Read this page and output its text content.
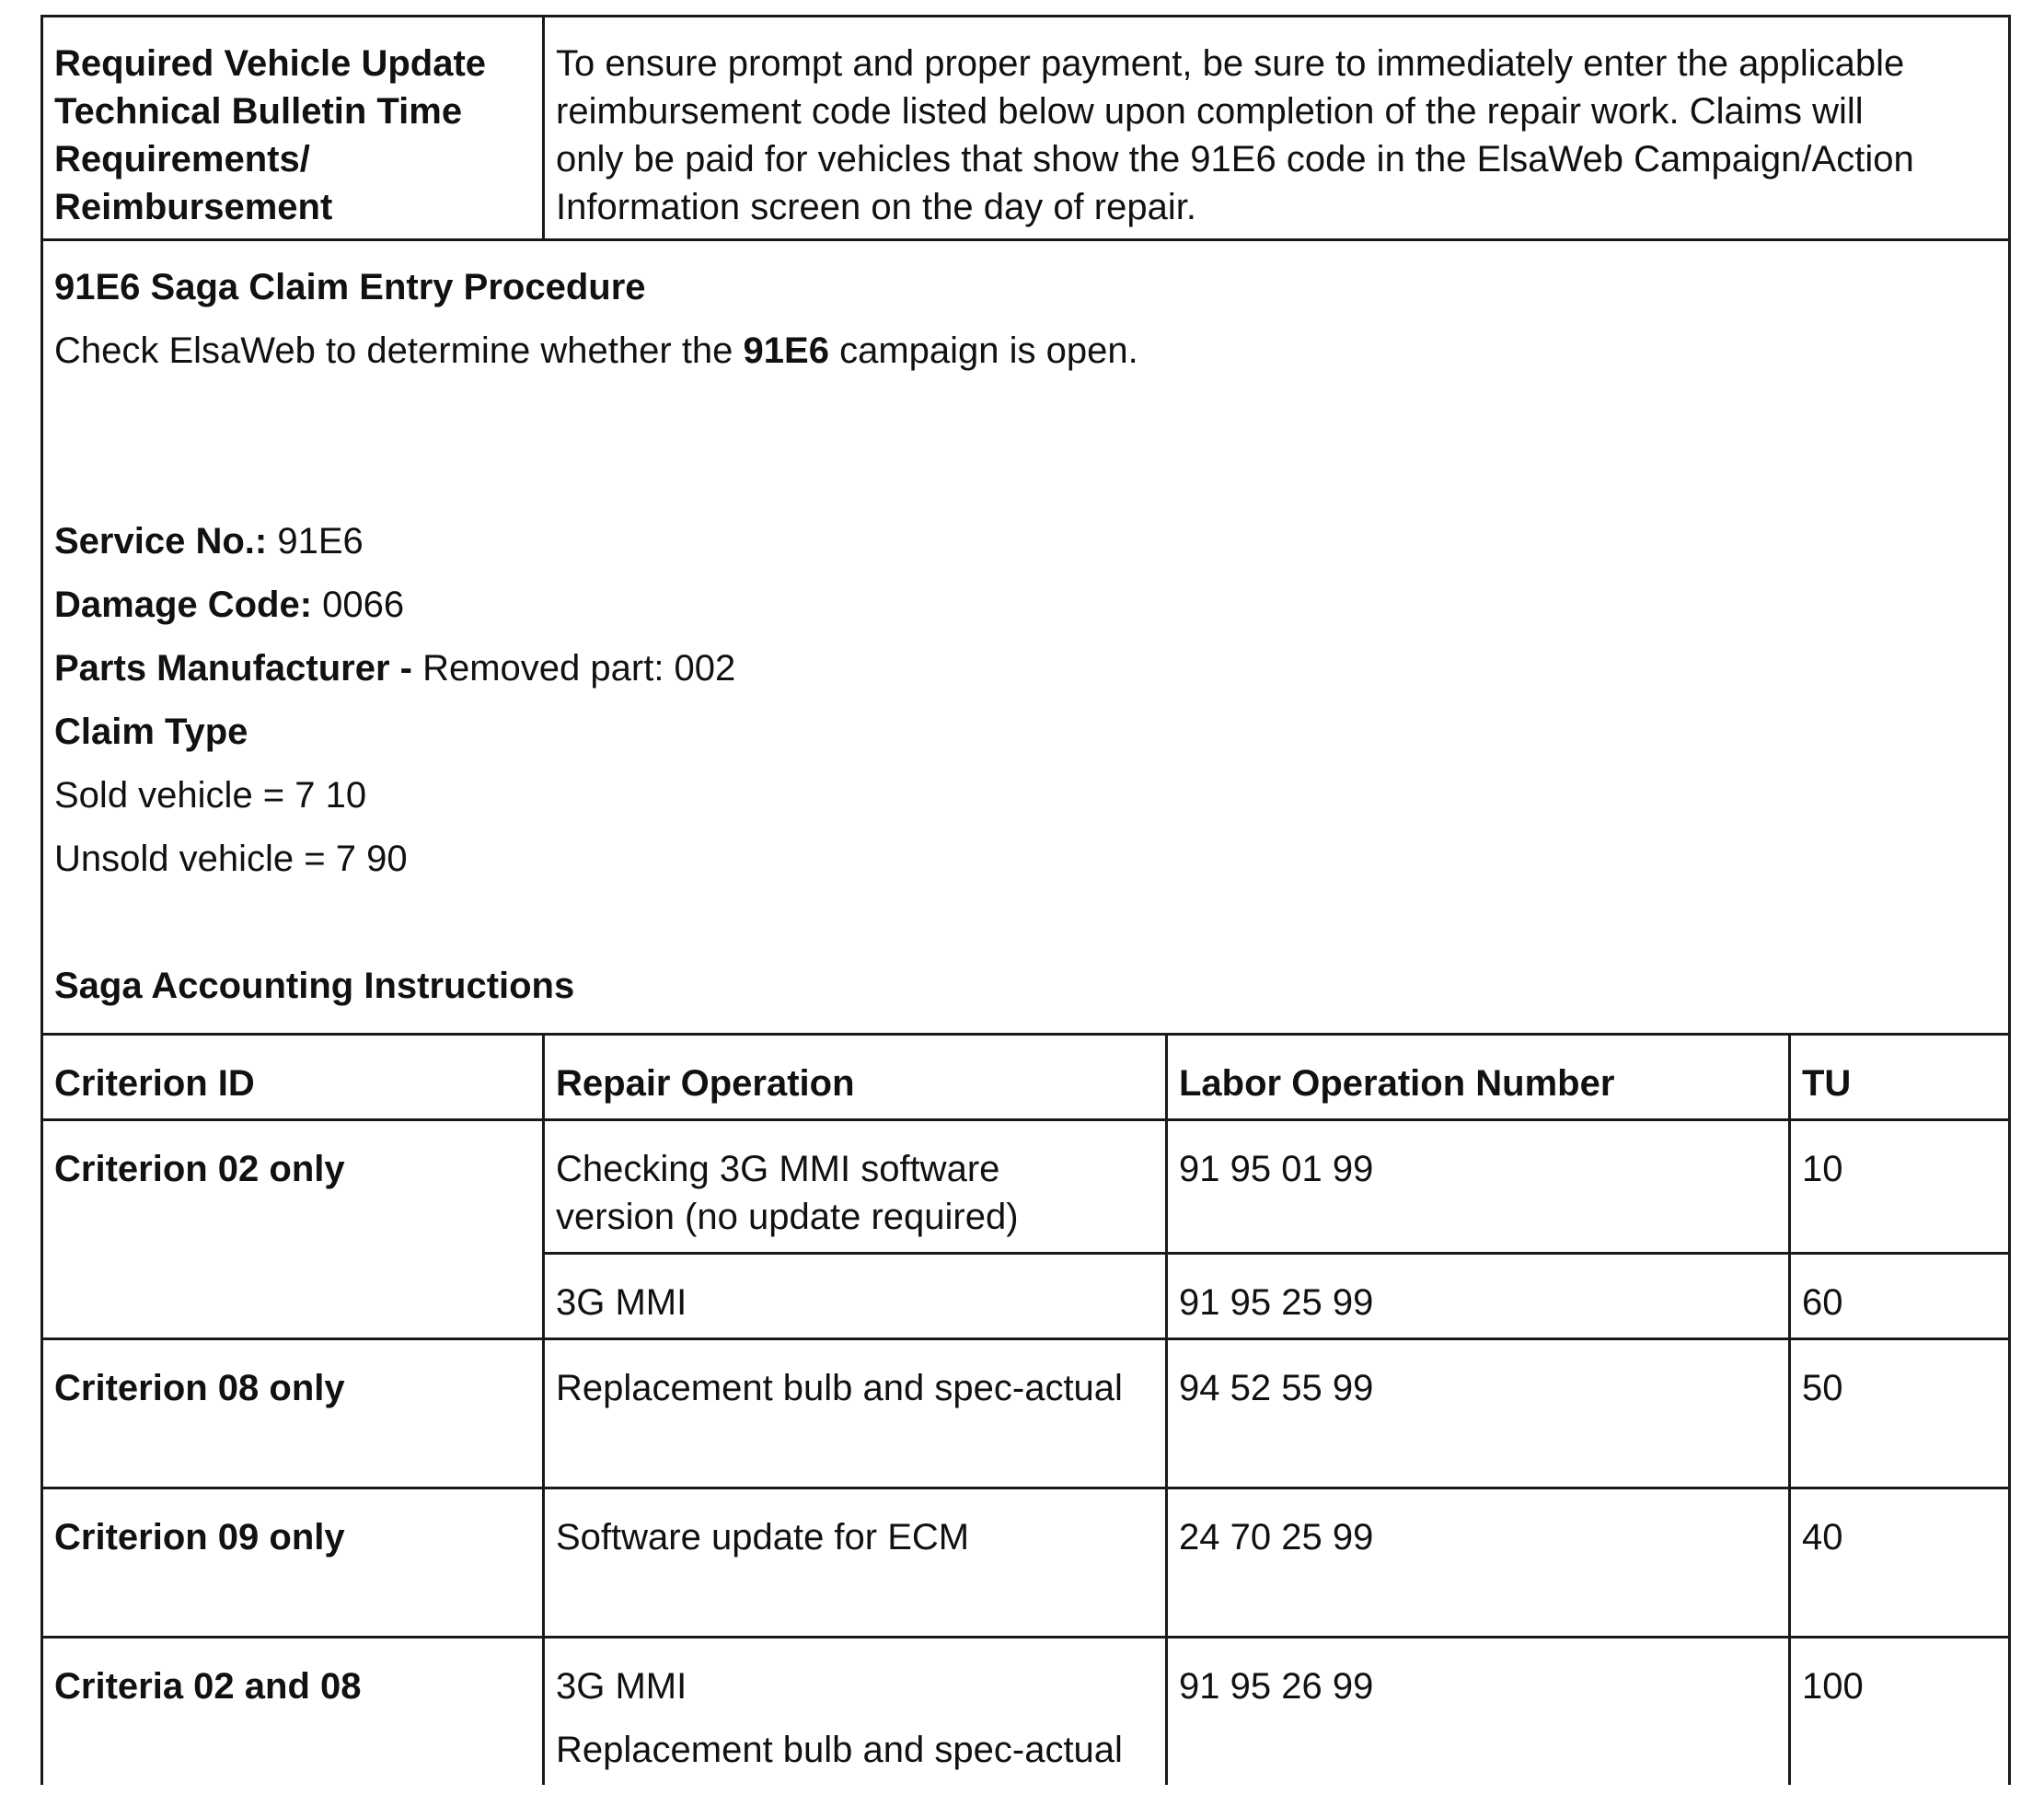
Required Vehicle Update
Technical Bulletin Time
Requirements/
Reimbursement

To ensure prompt and proper payment, be sure to immediately enter the applicable
reimbursement code listed below upon completion of the repair work. Claims will
only be paid for vehicles that show the 91E6 code in the ElsaWeb Campaign/Action
Information screen on the day of repair.

91E6 Saga Claim Entry Procedure

Check ElsaWeb to determine whether the 91E6 campaign is open.

Service No.: 91E6

Damage Code: 0066

Parts Manufacturer - Removed part: 002

Claim Type

Sold vehicle = 7 10

Unsold vehicle = 7 90

Saga Accounting Instructions

Criterion ID	Repair Operation	Labor Operation Number	TU
Criterion 02 only	Checking 3G MMI software
version (no update required)	91 95 01 99	10
	3G MMI	91 95 25 99	60
Criterion 08 only	Replacement bulb and spec-actual	94 52 55 99	50
Criterion 09 only	Software update for ECM	24 70 25 99	40
Criteria 02 and 08	3G MMI
Replacement bulb and spec-actual	91 95 26 99	100
